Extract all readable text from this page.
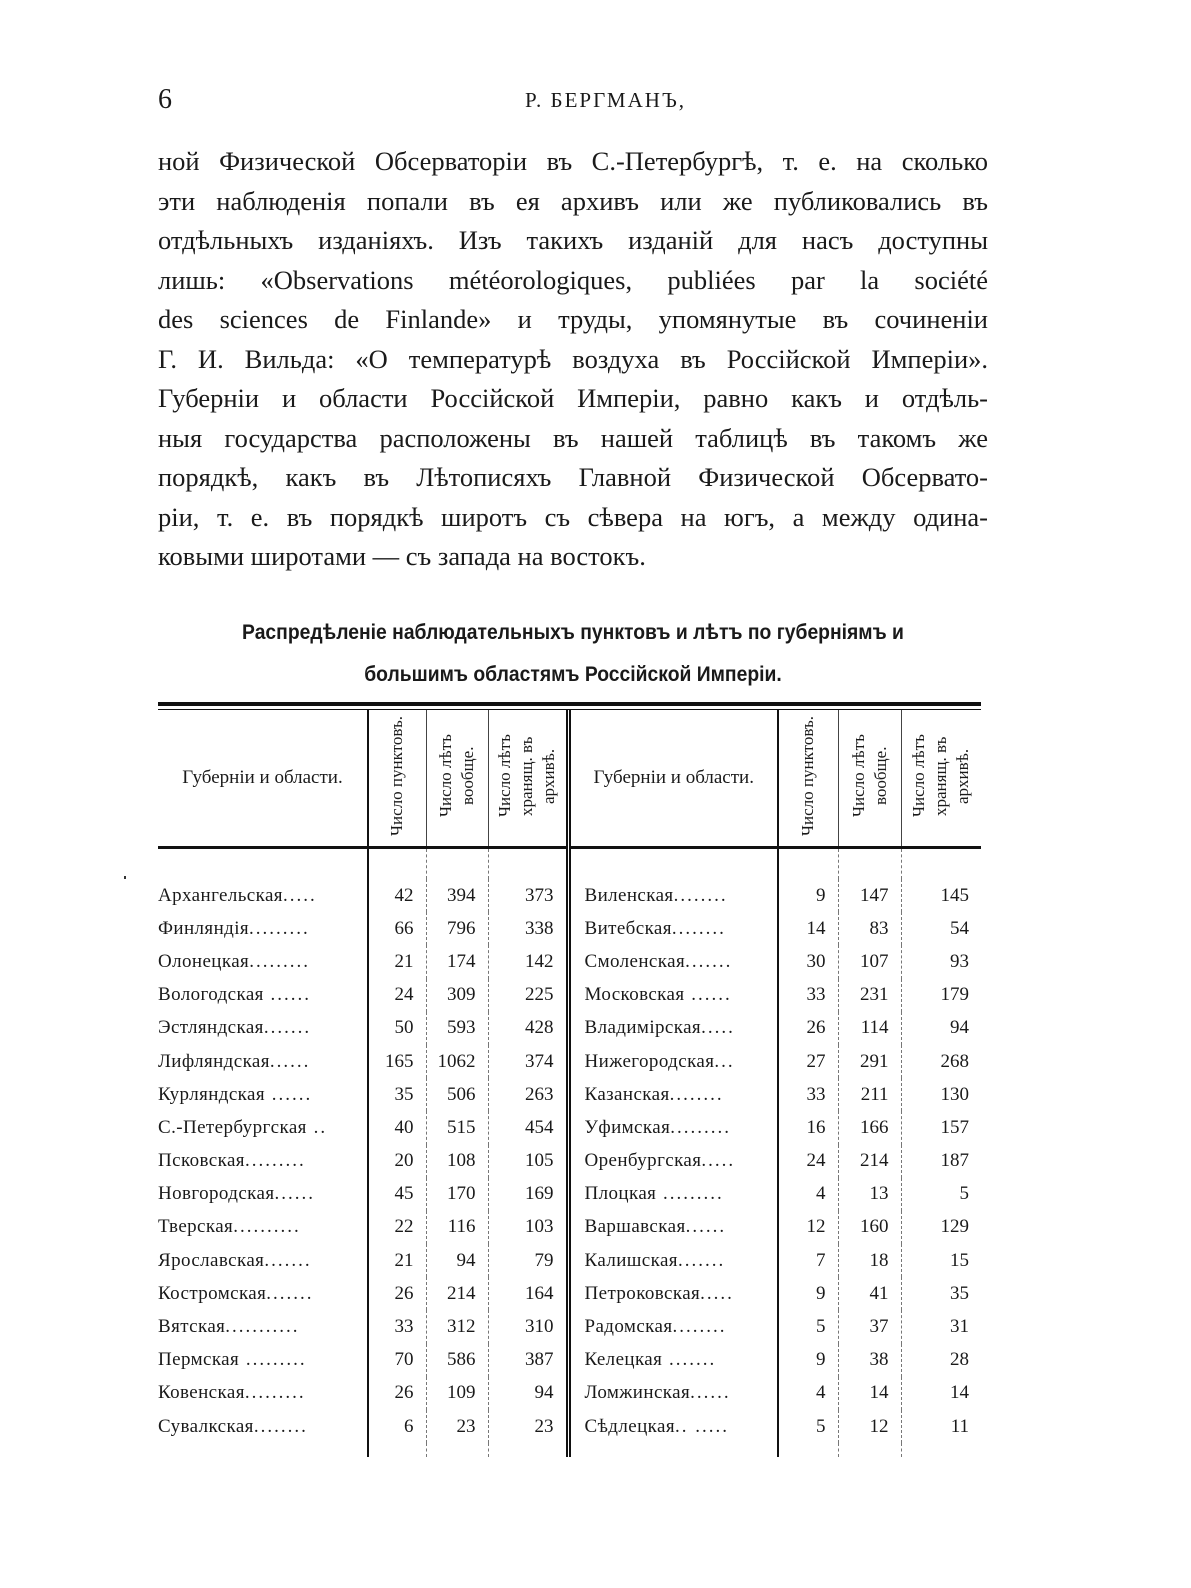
6	Р. БЕРГМАНЪ,
ной Физической Обсерваторіи въ С.-Петербургѣ, т. е. на сколько
эти наблюденія попали въ ея архивъ или же публиковались въ
отдѣльныхъ изданіяхъ. Изъ такихъ изданій для насъ доступны
лишь: «Observations météorologiques, publiées par la société
des sciences de Finlande» и труды, упомянутые въ сочиненіи
Г. И. Вильда: «О температурѣ воздуха въ Россійской Имперіи».
Губерніи и области Россійской Имперіи, равно какъ и отдѣль-
ныя государства расположены въ нашей таблицѣ въ такомъ же
порядкѣ, какъ въ Лѣтописяхъ Главной Физической Обсервато-
ріи, т. е. въ порядкѣ широтъ съ сѣвера на югъ, а между одина-
ковыми широтами — съ запада на востокъ.
Распредѣленіе наблюдательныхъ пунктовъ и лѣтъ по губерніямъ и
большимъ областямъ Россійской Имперіи.
Губерніи и области.	Число пунктовъ.	Число лѣтъ вообще.	Число лѣтъ хранящ. въ архивѣ.	Губерніи и области.	Число пунктовъ.	Число лѣтъ вообще.	Число лѣтъ хранящ. въ архивѣ.

Архангельская.....	42	394	373	Виленская........	9	147	145
Финляндія.........	66	796	338	Витебская........	14	83	54
Олонецкая.........	21	174	142	Смоленская.......	30	107	93
Вологодская ......	24	309	225	Московская ......	33	231	179
Эстляндская.......	50	593	428	Владимірская.....	26	114	94
Лифляндская......	165	1062	374	Нижегородская...	27	291	268
Курляндская ......	35	506	263	Казанская........	33	211	130
С.-Петербургская ..	40	515	454	Уфимская.........	16	166	157
Псковская.........	20	108	105	Оренбургская.....	24	214	187
Новгородская......	45	170	169	Плоцкая .........	4	13	5
Тверская..........	22	116	103	Варшавская......	12	160	129
Ярославская.......	21	94	79	Калишская.......	7	18	15
Костромская.......	26	214	164	Петроковская.....	9	41	35
Вятская...........	33	312	310	Радомская........	5	37	31
Пермская .........	70	586	387	Келецкая .......	9	38	28
Ковенская.........	26	109	94	Ломжинская......	4	14	14
Сувалкская........	6	23	23	Сѣдлецкая.. .....	5	12	11
